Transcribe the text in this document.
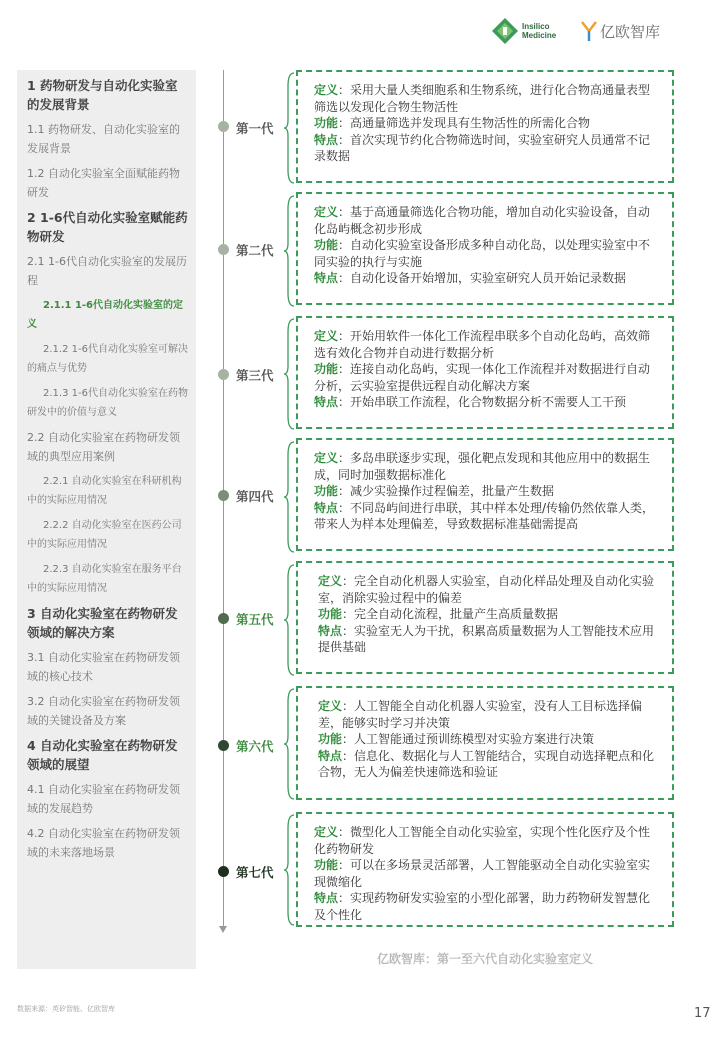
Insilico
Medicine	亿欧智库
1 药物研发与自动化实验室的发展背景
1.1 药物研发、自动化实验室的发展背景
1.2 自动化实验室全面赋能药物研发
2 1-6代自动化实验室赋能药物研发
2.1 1-6代自动化实验室的发展历程
2.1.1 1-6代自动化实验室的定义
2.1.2 1-6代自动化实验室可解决的痛点与优势
2.1.3 1-6代自动化实验室在药物研发中的价值与意义
2.2 自动化实验室在药物研发领域的典型应用案例
2.2.1 自动化实验室在科研机构中的实际应用情况
2.2.2 自动化实验室在医药公司中的实际应用情况
2.2.3 自动化实验室在服务平台中的实际应用情况
3 自动化实验室在药物研发领域的解决方案
3.1 自动化实验室在药物研发领域的核心技术
3.2 自动化实验室在药物研发领域的关键设备及方案
4 自动化实验室在药物研发领域的展望
4.1 自动化实验室在药物研发领域的发展趋势
4.2 自动化实验室在药物研发领域的未来落地场景
第一代

定义：采用大量人类细胞系和生物系统，进行化合物高通量表型筛选以发现化合物生物活性

功能：高通量筛选并发现具有生物活性的所需化合物

特点：首次实现节约化合物筛选时间，实验室研究人员通常不记录数据

第二代

定义：基于高通量筛选化合物功能，增加自动化实验设备，自动化岛屿概念初步形成

功能：自动化实验室设备形成多种自动化岛，以处理实验室中不同实验的执行与实施

特点：自动化设备开始增加，实验室研究人员开始记录数据

第三代

定义：开始用软件一体化工作流程串联多个自动化岛屿，高效筛选有效化合物并自动进行数据分析

功能：连接自动化岛屿，实现一体化工作流程并对数据进行自动分析，云实验室提供远程自动化解决方案

特点：开始串联工作流程，化合物数据分析不需要人工干预

第四代

定义：多岛串联逐步实现，强化靶点发现和其他应用中的数据生成，同时加强数据标准化

功能：减少实验操作过程偏差，批量产生数据

特点：不同岛屿间进行串联，其中样本处理/传输仍然依靠人类，带来人为样本处理偏差，导致数据标准基础需提高

第五代

定义：完全自动化机器人实验室，自动化样品处理及自动化实验室，消除实验过程中的偏差

功能：完全自动化流程，批量产生高质量数据

特点：实验室无人为干扰，积累高质量数据为人工智能技术应用提供基础

第六代

定义：人工智能全自动化机器人实验室，没有人工目标选择偏差，能够实时学习并决策

功能：人工智能通过预训练模型对实验方案进行决策

特点：信息化、数据化与人工智能结合，实现自动选择靶点和化合物，无人为偏差快速筛选和验证

第七代

定义：微型化人工智能全自动化实验室，实现个性化医疗及个性化药物研发

功能：可以在多场景灵活部署，人工智能驱动全自动化实验室实现微缩化

特点：实现药物研发实验室的小型化部署，助力药物研发智慧化及个性化

亿欧智库：第一至六代自动化实验室定义
数据来源：英矽智能、亿欧智库	17
